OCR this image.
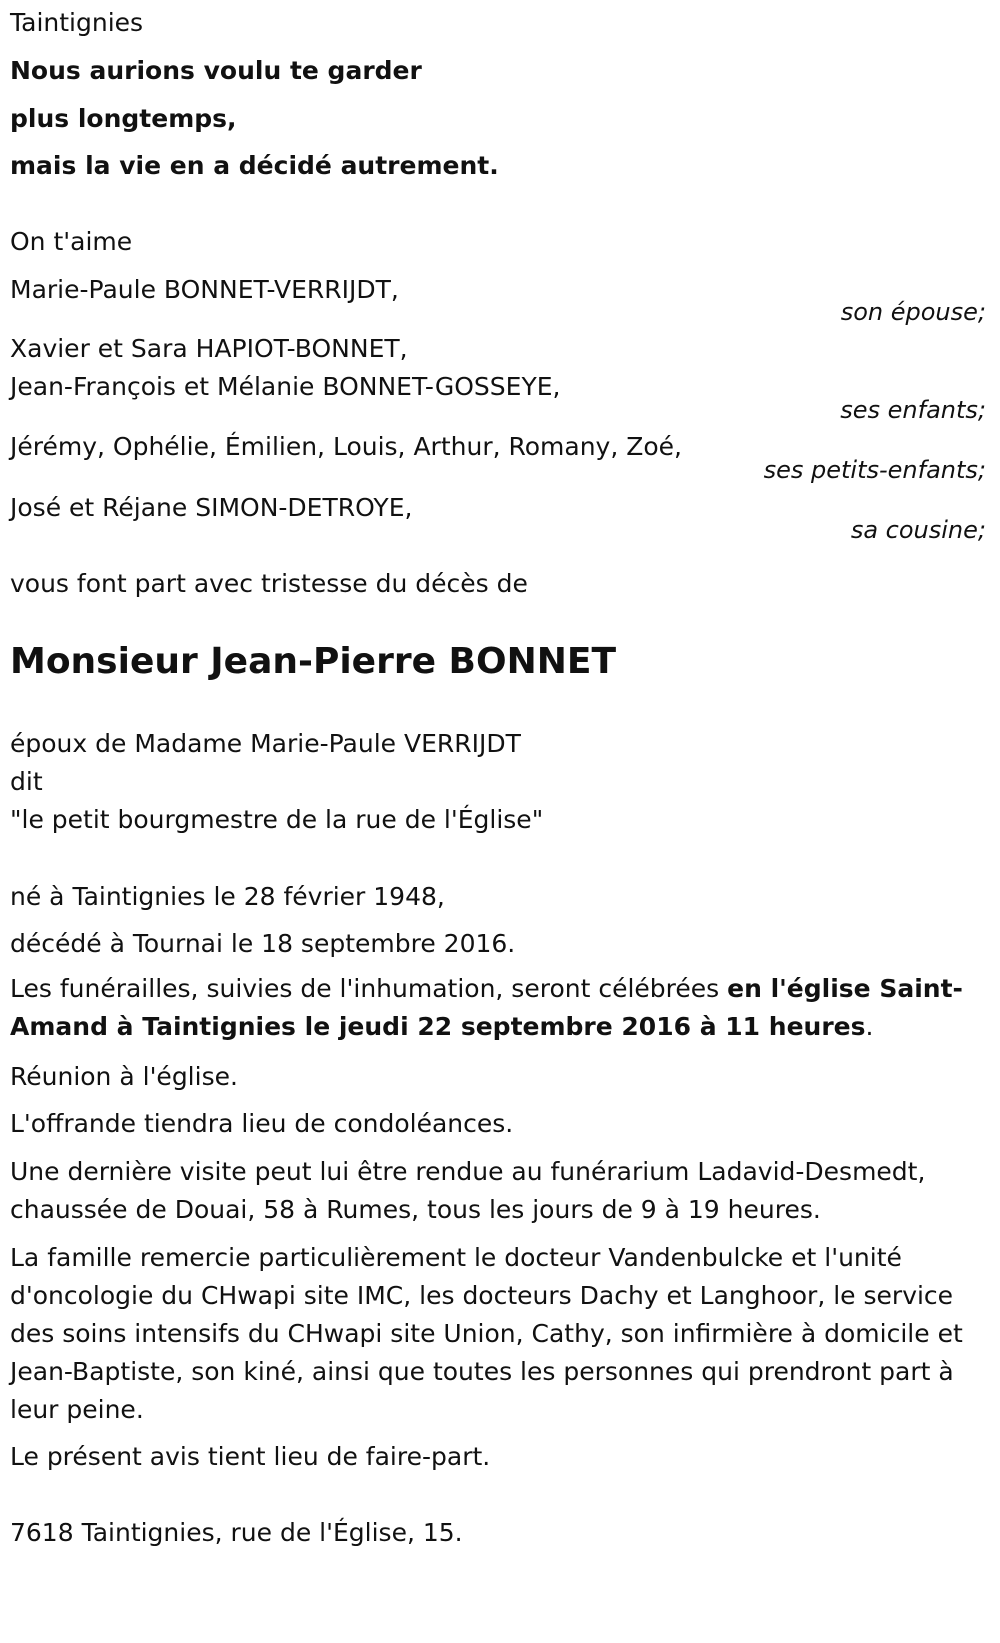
Taintignies
Nous aurions voulu te garder
plus longtemps,
mais la vie en a décidé autrement.
On t'aime
Marie-Paule BONNET-VERRIJDT,
son épouse;
Xavier et Sara HAPIOT-BONNET,
Jean-François et Mélanie BONNET-GOSSEYE,
ses enfants;
Jérémy, Ophélie, Émilien, Louis, Arthur, Romany, Zoé,
ses petits-enfants;
José et Réjane SIMON-DETROYE,
sa cousine;
vous font part avec tristesse du décès de
Monsieur Jean-Pierre BONNET
époux de Madame Marie-Paule VERRIJDT
dit
"le petit bourgmestre de la rue de l'Église"
né à Taintignies le 28 février 1948,
décédé à Tournai le 18 septembre 2016.
Les funérailles, suivies de l'inhumation, seront célébrées en l'église Saint-Amand à Taintignies le jeudi 22 septembre 2016 à 11 heures.
Réunion à l'église.
L'offrande tiendra lieu de condoléances.
Une dernière visite peut lui être rendue au funérarium Ladavid-Desmedt, chaussée de Douai, 58 à Rumes, tous les jours de 9 à 19 heures.
La famille remercie particulièrement le docteur Vandenbulcke et l'unité d'oncologie du CHwapi site IMC, les docteurs Dachy et Langhoor, le service des soins intensifs du CHwapi site Union, Cathy, son infirmière à domicile et Jean-Baptiste, son kiné, ainsi que toutes les personnes qui prendront part à leur peine.
Le présent avis tient lieu de faire-part.
7618 Taintignies, rue de l'Église, 15.
